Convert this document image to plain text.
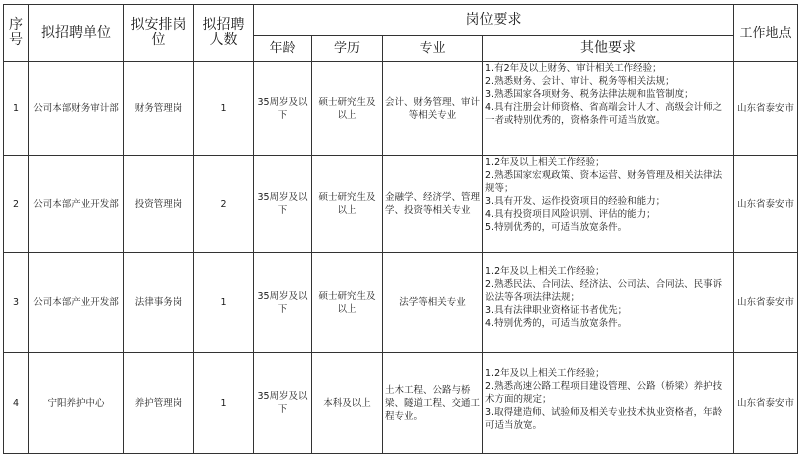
序号	拟招聘单位	拟安排岗位	拟招聘人数	岗位要求				工作地点
				年龄	学历	专业	其他要求	
1	公司本部财务审计部	财务管理岗	1	35周岁及以下	硕士研究生及以上	会计、财务管理、审计等相关专业	1.有2年及以上财务、审计相关工作经验；
2.熟悉财务、会计、审计、税务等相关法规；
3.熟悉国家各项财务、税务法律法规和监管制度；
4.具有注册会计师资格、省高端会计人才、高级会计师之一者或特别优秀的，资格条件可适当放宽。	山东省泰安市
2	公司本部产业开发部	投资管理岗	2	35周岁及以下	硕士研究生及以上	金融学、经济学、管理学、投资等相关专业	1.2年及以上相关工作经验；
2.熟悉国家宏观政策、资本运营、财务管理及相关法律法规等；
3.具有开发、运作投资项目的经验和能力；
4.具有投资项目风险识别、评估的能力；
5.特别优秀的，可适当放宽条件。	山东省泰安市
3	公司本部产业开发部	法律事务岗	1	35周岁及以下	硕士研究生及以上	法学等相关专业	1.2年及以上相关工作经验；
2.熟悉民法、合同法、经济法、公司法、合同法、民事诉讼法等各项法律法规；
3.具有法律职业资格证书者优先；
4.特别优秀的，可适当放宽条件。	山东省泰安市
4	宁阳养护中心	养护管理岗	1	35周岁及以下	本科及以上	土木工程、公路与桥梁、隧道工程、交通工程专业。	1.2年及以上相关工作经验；
2.熟悉高速公路工程项目建设管理、公路（桥梁）养护技术方面的规定；
3.取得建造师、试验师及相关专业技术执业资格者，年龄可适当放宽。	山东省泰安市
